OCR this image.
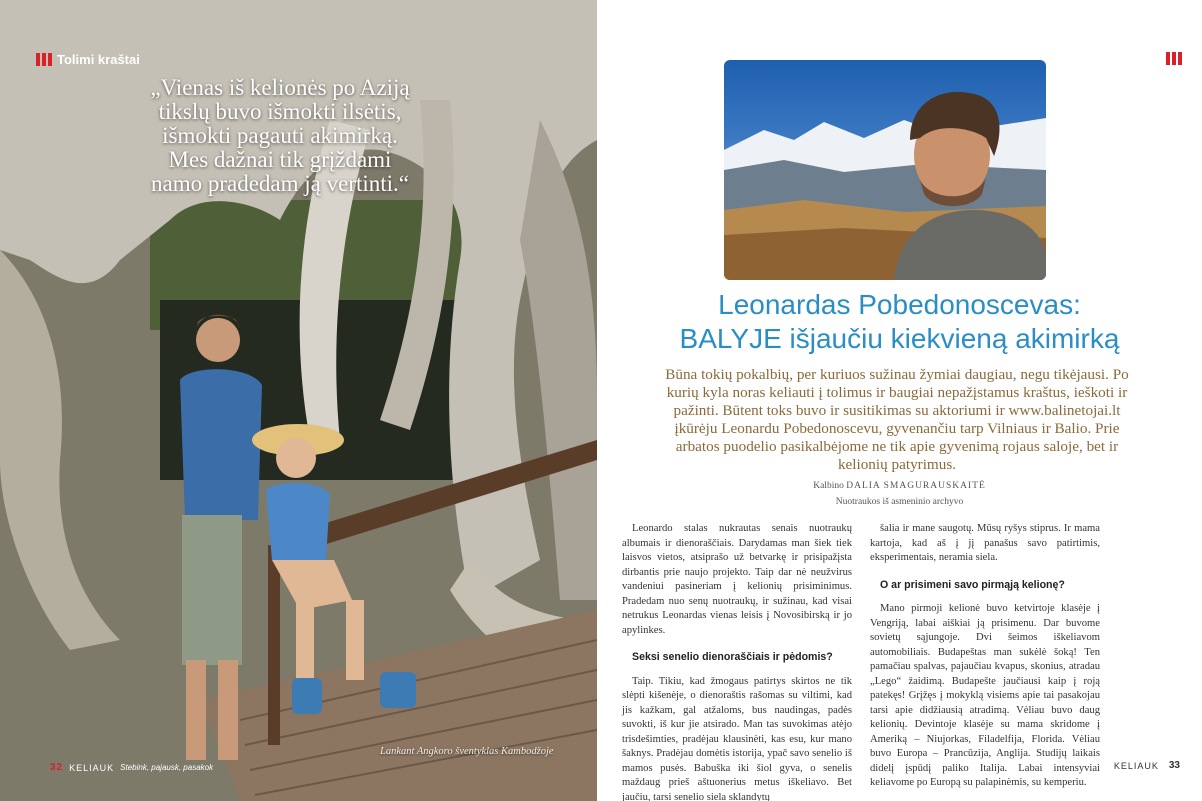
Tolimi kraštai
„Vienas iš kelionės po Aziją tikslų buvo išmokti ilsėtis, išmokti pagauti akimirką. Mes dažnai tik grįždami namo pradedam ją vertinti.“
Lankant Angkoro šventyklas Kambodžoje
32 KELIAUK Stebink, pajausk, pasakok
Leonardas Pobedonoscevas:
BALYJE išjaučiu kiekvieną akimirką
Būna tokių pokalbių, per kuriuos sužinau žymiai daugiau, negu tikėjausi. Po kurių kyla noras keliauti į tolimus ir baugiai nepažįstamus kraštus, ieškoti ir pažinti. Būtent toks buvo ir susitikimas su aktoriumi ir www.balinetojai.lt įkūrėju Leonardu Pobedonoscevu, gyvenančiu tarp Vilniaus ir Balio. Prie arbatos puodelio pasikalbėjome ne tik apie gyvenimą rojaus saloje, bet ir kelionių patyrimus.
Kalbino DALIA SMAGURAUSKAITĖ
Nuotraukos iš asmeninio archyvo

Leonardo stalas nukrautas senais nuotraukų albumais ir dienoraščiais. Darydamas man šiek tiek laisvos vietos, atsiprašo už betvarkę ir prisipažįsta dirbantis prie naujo projekto. Taip dar nė neužvirus vandeniui pasineriam į kelionių prisiminimus. Pradedam nuo senų nuotraukų, ir sužinau, kad visai netrukus Leonardas vienas leisis į Novosibirską ir jo apylinkes.

Seksi senelio dienoraščiais ir pėdomis?

Taip. Tikiu, kad žmogaus patirtys skirtos ne tik slėpti kišenėje, o dienoraštis rašomas su viltimi, kad jis kažkam, gal atžaloms, bus naudingas, padės suvokti, iš kur jie atsirado. Man tas suvokimas atėjo trisdešimties, pradėjau klausinėti, kas esu, kur mano šaknys. Pradėjau domėtis istorija, ypač savo senelio iš mamos pusės. Babuška iki šiol gyva, o senelis maždaug prieš aštuonerius metus iškeliavo. Bet jaučiu, tarsi senelio siela sklandytų

šalia ir mane saugotų. Mūsų ryšys stiprus. Ir mama kartoja, kad aš į jį panašus savo patirtimis, eksperimentais, neramia siela.

O ar prisimeni savo pirmąją kelionę?

Mano pirmoji kelionė buvo ketvirtoje klasėje į Vengriją, labai aiškiai ją prisimenu. Dar buvome sovietų sąjungoje. Dvi šeimos iškeliavom automobiliais. Budapeštas man sukėlė šoką! Ten pamačiau spalvas, pajaučiau kvapus, skonius, atradau „Lego“ žaidimą. Budapešte jaučiausi kaip į roją patekęs! Grįžęs į mokyklą visiems apie tai pasakojau tarsi apie didžiausią atradimą. Vėliau buvo daug kelionių. Devintoje klasėje su mama skridome į Ameriką – Niujorkas, Filadelfija, Florida. Vėliau buvo Europa – Prancūzija, Anglija. Studijų laikais didelį įspūdį paliko Italija. Labai intensyviai keliavome po Europą su palapinėmis, su kemperiu.

KELIAUK 33
